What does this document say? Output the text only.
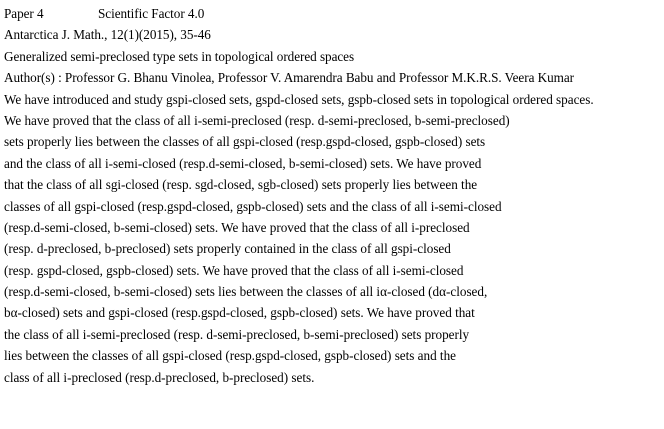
Paper 4	Scientific Factor 4.0
Antarctica J. Math., 12(1)(2015), 35-46
Generalized semi-preclosed type sets in topological ordered spaces
Author(s) : Professor G. Bhanu Vinolea, Professor V. Amarendra Babu and Professor M.K.R.S. Veera Kumar
We have introduced and study gspi-closed sets, gspd-closed sets, gspb-closed sets in topological ordered spaces.
We have proved that the class of all i-semi-preclosed (resp. d-semi-preclosed, b-semi-preclosed)
sets properly lies between the classes of all gspi-closed (resp.gspd-closed, gspb-closed) sets
and the class of all i-semi-closed (resp.d-semi-closed, b-semi-closed) sets. We have proved
that the class of all sgi-closed (resp. sgd-closed, sgb-closed) sets properly lies between the
classes of all gspi-closed (resp.gspd-closed, gspb-closed) sets and the class of all i-semi-closed
(resp.d-semi-closed, b-semi-closed) sets. We have proved that the class of all i-preclosed
(resp. d-preclosed, b-preclosed) sets properly contained in the class of all gspi-closed
(resp. gspd-closed, gspb-closed) sets. We have proved that the class of all i-semi-closed
(resp.d-semi-closed, b-semi-closed) sets lies between the classes of all iα-closed (dα-closed,
bα-closed) sets and gspi-closed (resp.gspd-closed, gspb-closed) sets. We have proved that
the class of all i-semi-preclosed (resp. d-semi-preclosed, b-semi-preclosed) sets properly
lies between the classes of all gspi-closed (resp.gspd-closed, gspb-closed) sets and the
class of all i-preclosed (resp.d-preclosed, b-preclosed) sets.
